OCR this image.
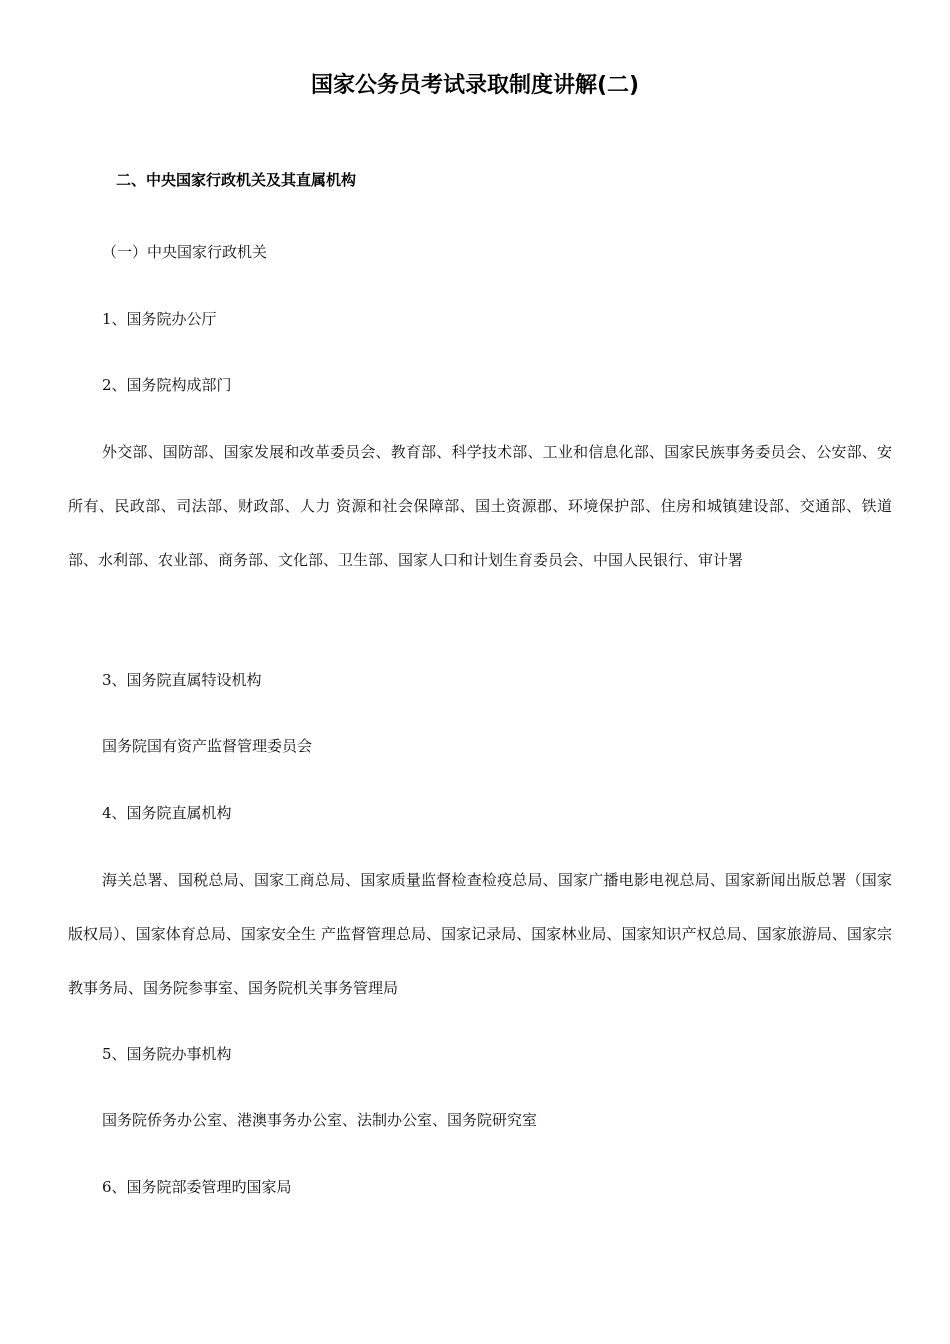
国家公务员考试录取制度讲解(二)
二、中央国家行政机关及其直属机构
（一）中央国家行政机关
1、国务院办公厅
2、国务院构成部门
外交部、国防部、国家发展和改革委员会、教育部、科学技术部、工业和信息化部、国家民族事务委员会、公安部、安所有、民政部、司法部、财政部、人力 资源和社会保障部、国土资源郡、环境保护部、住房和城镇建设部、交通部、铁道部、水利部、农业部、商务部、文化部、卫生部、国家人口和计划生育委员会、中国人民银行、审计署
3、国务院直属特设机构
国务院国有资产监督管理委员会
4、国务院直属机构
海关总署、国税总局、国家工商总局、国家质量监督检查检疫总局、国家广播电影电视总局、国家新闻出版总署（国家版权局）、国家体育总局、国家安全生 产监督管理总局、国家记录局、国家林业局、国家知识产权总局、国家旅游局、国家宗教事务局、国务院参事室、国务院机关事务管理局
5、国务院办事机构
国务院侨务办公室、港澳事务办公室、法制办公室、国务院研究室
6、国务院部委管理旳国家局
